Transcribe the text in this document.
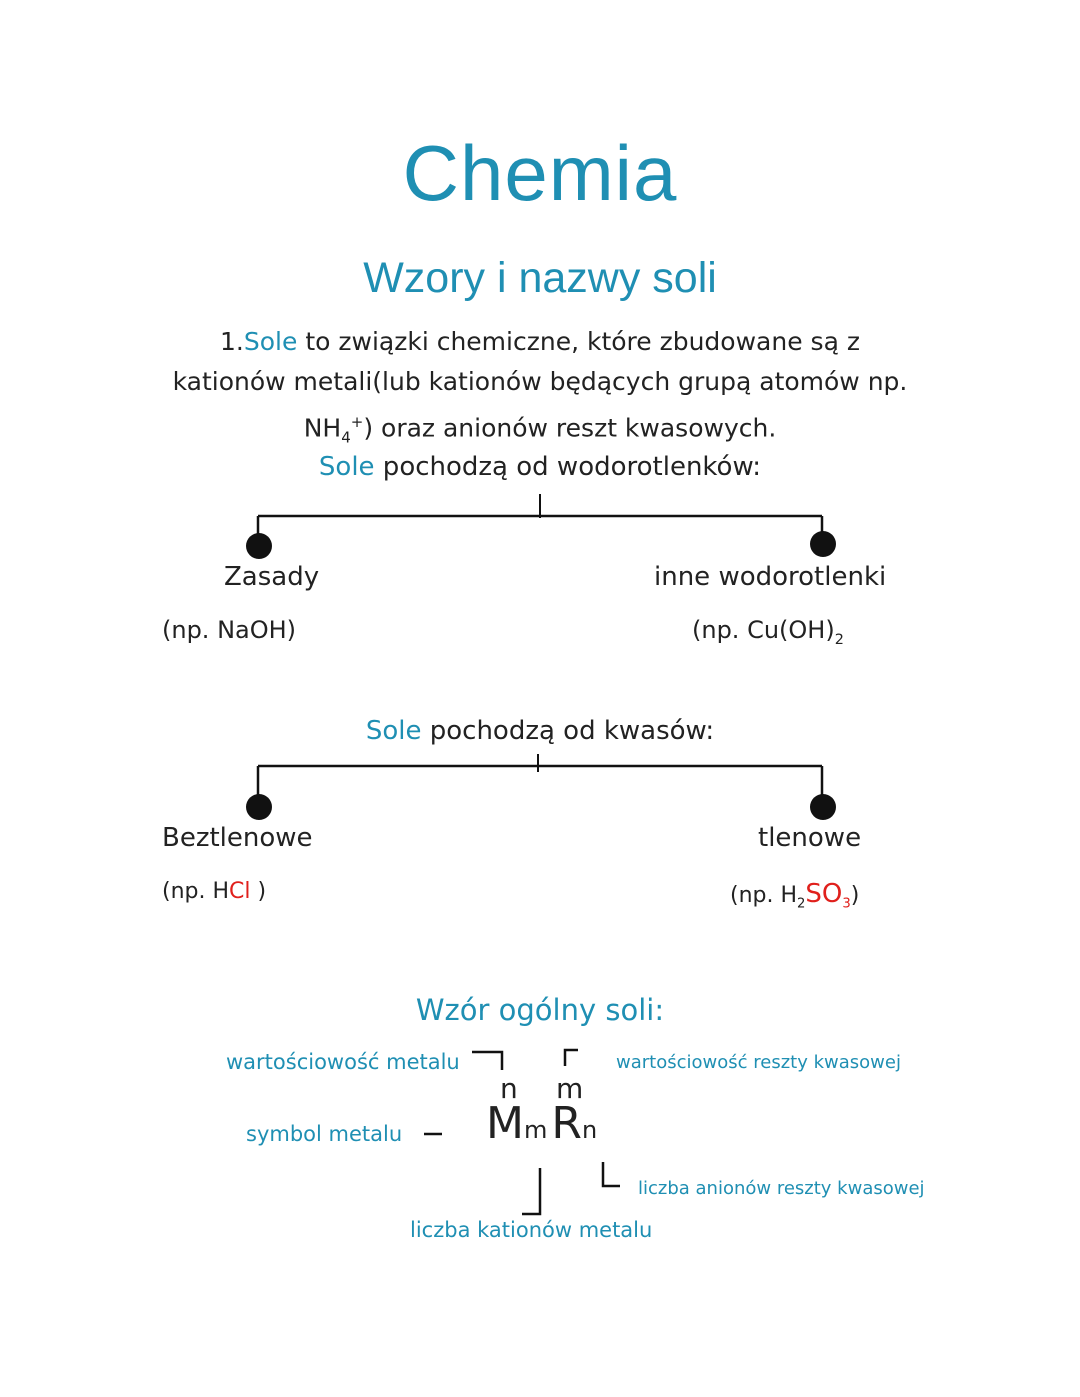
Chemia
Wzory i nazwy soli
1.Sole to związki chemiczne, które zbudowane są z
kationów metali(lub kationów będących grupą atomów np.
$NH_4^+$) oraz anionów reszt kwasowych.
Sole pochodzą od wodorotlenków:
Zasady
(np. NaOH)
inne wodorotlenki
(np. $Cu(OH)_2$
Sole pochodzą od kwasów:
Beztlenowe
(np. HCl )
tlenowe
(np. $H_2SO_3$)
Wzór ogólny soli:
wartościowość metalu	wartościowość reszty kwasowej
symbol metalu
liczba anionów reszty kwasowej
liczba kationów metalu
n m
MmRn
